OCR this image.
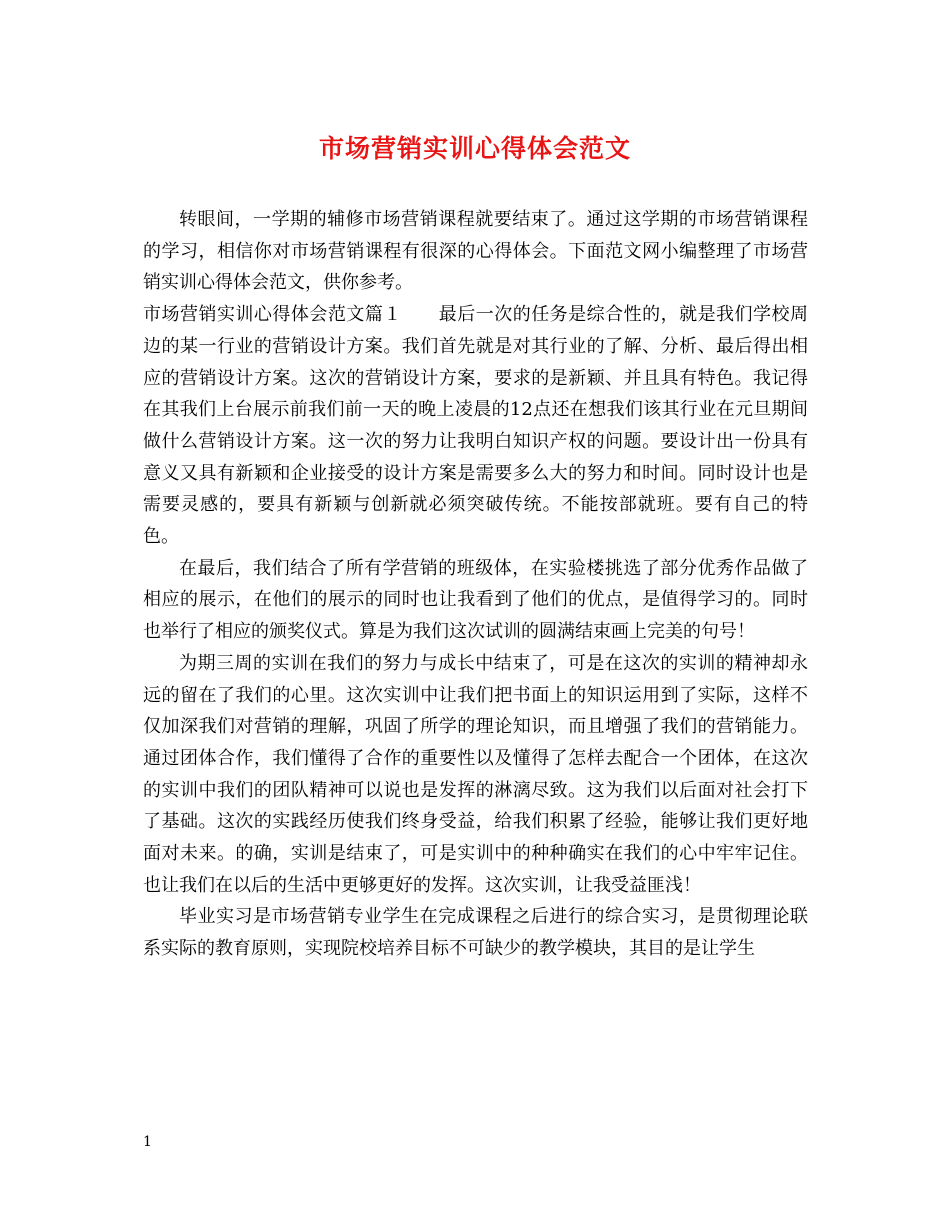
市场营销实训心得体会范文

转眼间，一学期的辅修市场营销课程就要结束了。通过这学期的市场营销课程的学习，相信你对市场营销课程有很深的心得体会。下面范文网小编整理了市场营销实训心得体会范文，供你参考。

市场营销实训心得体会范文篇１　　最后一次的任务是综合性的，就是我们学校周边的某一行业的营销设计方案。我们首先就是对其行业的了解、分析、最后得出相应的营销设计方案。这次的营销设计方案，要求的是新颖、并且具有特色。我记得在其我们上台展示前我们前一天的晚上凌晨的12点还在想我们该其行业在元旦期间做什么营销设计方案。这一次的努力让我明白知识产权的问题。要设计出一份具有意义又具有新颖和企业接受的设计方案是需要多么大的努力和时间。同时设计也是需要灵感的，要具有新颖与创新就必须突破传统。不能按部就班。要有自己的特色。

在最后，我们结合了所有学营销的班级体，在实验楼挑选了部分优秀作品做了相应的展示，在他们的展示的同时也让我看到了他们的优点，是值得学习的。同时也举行了相应的颁奖仪式。算是为我们这次试训的圆满结束画上完美的句号！

为期三周的实训在我们的努力与成长中结束了，可是在这次的实训的精神却永远的留在了我们的心里。这次实训中让我们把书面上的知识运用到了实际，这样不仅加深我们对营销的理解，巩固了所学的理论知识，而且增强了我们的营销能力。通过团体合作，我们懂得了合作的重要性以及懂得了怎样去配合一个团体，在这次的实训中我们的团队精神可以说也是发挥的淋漓尽致。这为我们以后面对社会打下了基础。这次的实践经历使我们终身受益，给我们积累了经验，能够让我们更好地面对未来。的确，实训是结束了，可是实训中的种种确实在我们的心中牢牢记住。也让我们在以后的生活中更够更好的发挥。这次实训，让我受益匪浅！

毕业实习是市场营销专业学生在完成课程之后进行的综合实习，是贯彻理论联系实际的教育原则，实现院校培养目标不可缺少的教学模块，其目的是让学生

1
